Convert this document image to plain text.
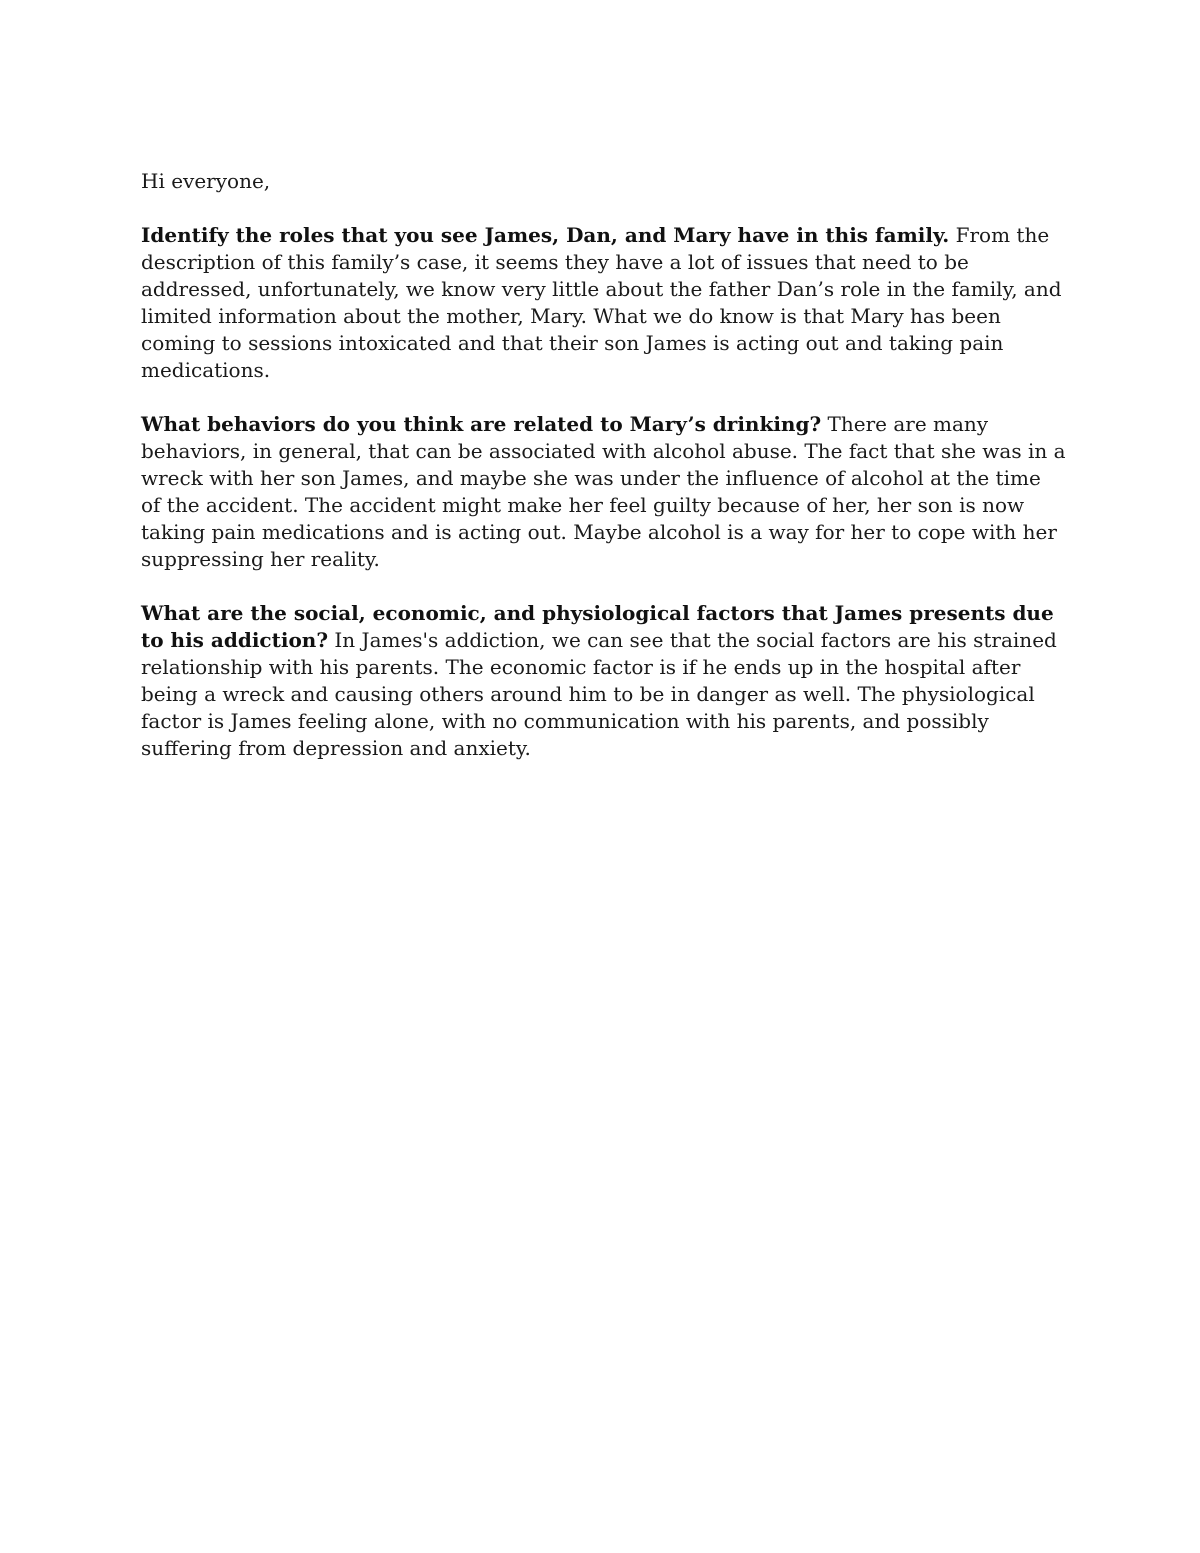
Hi everyone,

Identify the roles that you see James, Dan, and Mary have in this family. From the description of this family’s case, it seems they have a lot of issues that need to be addressed, unfortunately, we know very little about the father Dan’s role in the family, and limited information about the mother, Mary. What we do know is that Mary has been coming to sessions intoxicated and that their son James is acting out and taking pain medications.

What behaviors do you think are related to Mary’s drinking? There are many behaviors, in general, that can be associated with alcohol abuse. The fact that she was in a wreck with her son James, and maybe she was under the influence of alcohol at the time of the accident. The accident might make her feel guilty because of her, her son is now taking pain medications and is acting out. Maybe alcohol is a way for her to cope with her suppressing her reality.

What are the social, economic, and physiological factors that James presents due to his addiction? In James's addiction, we can see that the social factors are his strained relationship with his parents. The economic factor is if he ends up in the hospital after being a wreck and causing others around him to be in danger as well. The physiological factor is James feeling alone, with no communication with his parents, and possibly suffering from depression and anxiety.
